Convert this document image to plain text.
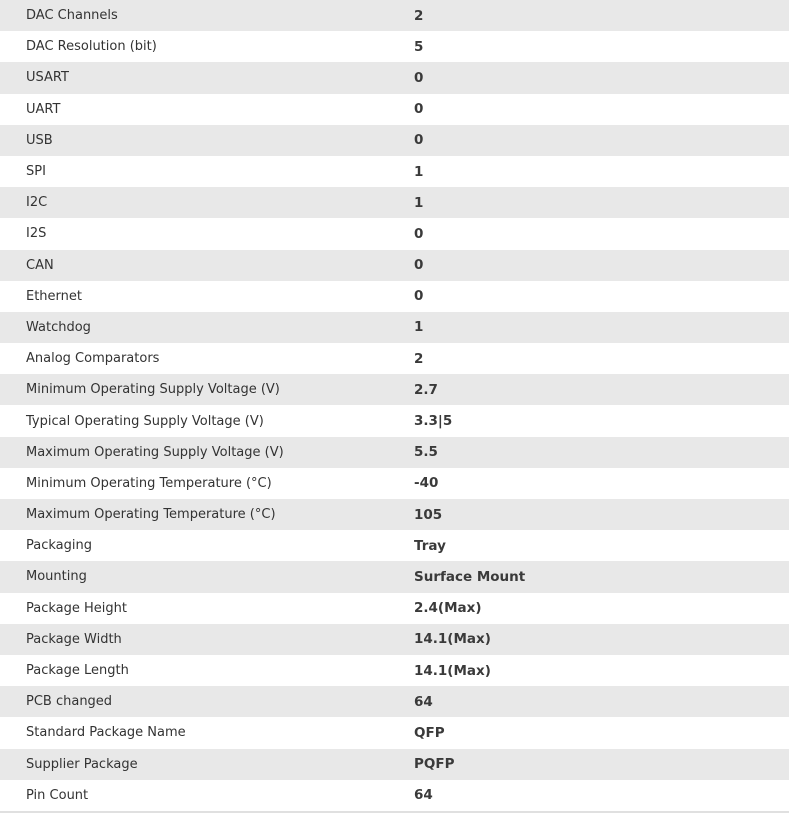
DAC Channels	2
DAC Resolution (bit)	5
USART	0
UART	0
USB	0
SPI	1
I2C	1
I2S	0
CAN	0
Ethernet	0
Watchdog	1
Analog Comparators	2
Minimum Operating Supply Voltage (V)	2.7
Typical Operating Supply Voltage (V)	3.3|5
Maximum Operating Supply Voltage (V)	5.5
Minimum Operating Temperature (°C)	-40
Maximum Operating Temperature (°C)	105
Packaging	Tray
Mounting	Surface Mount
Package Height	2.4(Max)
Package Width	14.1(Max)
Package Length	14.1(Max)
PCB changed	64
Standard Package Name	QFP
Supplier Package	PQFP
Pin Count	64
